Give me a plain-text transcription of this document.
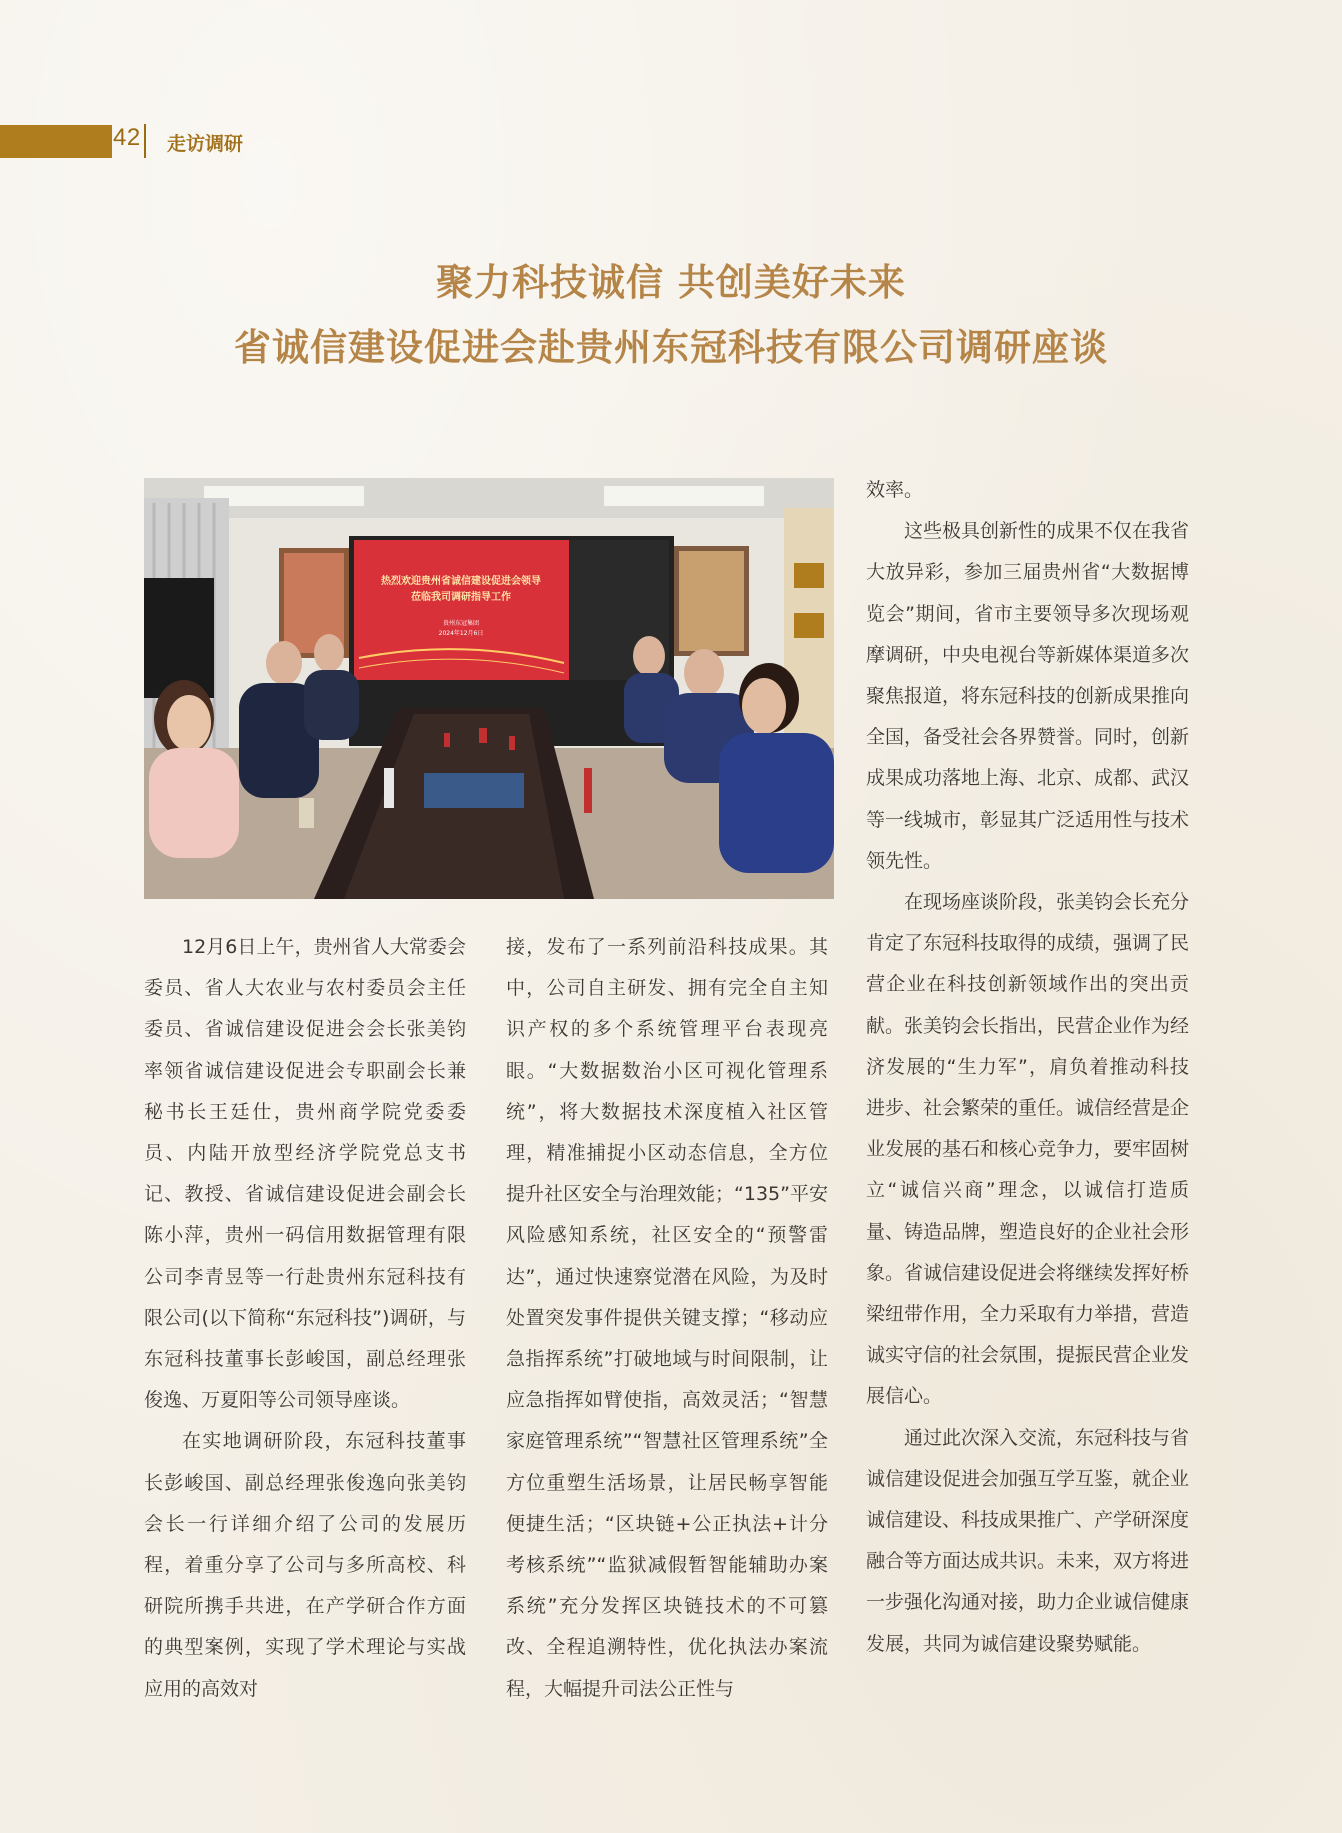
42 走访调研
聚力科技诚信 共创美好未来
省诚信建设促进会赴贵州东冠科技有限公司调研座谈
热烈欢迎贵州省诚信建设促进会领导
莅临我司调研指导工作
贵州东冠集团
2024年12月6日

12月6日上午，贵州省人大常委会委员、省人大农业与农村委员会主任委员、省诚信建设促进会会长张美钧率领省诚信建设促进会专职副会长兼秘书长王廷仕，贵州商学院党委委员、内陆开放型经济学院党总支书记、教授、省诚信建设促进会副会长陈小萍，贵州一码信用数据管理有限公司李青昱等一行赴贵州东冠科技有限公司(以下简称“东冠科技”)调研，与东冠科技董事长彭峻国，副总经理张俊逸、万夏阳等公司领导座谈。

在实地调研阶段，东冠科技董事长彭峻国、副总经理张俊逸向张美钧会长一行详细介绍了公司的发展历程，着重分享了公司与多所高校、科研院所携手共进，在产学研合作方面的典型案例，实现了学术理论与实战应用的高效对

接，发布了一系列前沿科技成果。其中，公司自主研发、拥有完全自主知识产权的多个系统管理平台表现亮眼。“大数据数治小区可视化管理系统”，将大数据技术深度植入社区管理，精准捕捉小区动态信息，全方位提升社区安全与治理效能；“135”平安风险感知系统，社区安全的“预警雷达”，通过快速察觉潜在风险，为及时处置突发事件提供关键支撑；“移动应急指挥系统”打破地域与时间限制，让应急指挥如臂使指，高效灵活；“智慧家庭管理系统”“智慧社区管理系统”全方位重塑生活场景，让居民畅享智能便捷生活；“区块链+公正执法+计分考核系统”“监狱减假暂智能辅助办案系统”充分发挥区块链技术的不可篡改、全程追溯特性，优化执法办案流程，大幅提升司法公正性与

效率。

这些极具创新性的成果不仅在我省大放异彩，参加三届贵州省“大数据博览会”期间，省市主要领导多次现场观摩调研，中央电视台等新媒体渠道多次聚焦报道，将东冠科技的创新成果推向全国，备受社会各界赞誉。同时，创新成果成功落地上海、北京、成都、武汉等一线城市，彰显其广泛适用性与技术领先性。

在现场座谈阶段，张美钧会长充分肯定了东冠科技取得的成绩，强调了民营企业在科技创新领域作出的突出贡献。张美钧会长指出，民营企业作为经济发展的“生力军”，肩负着推动科技进步、社会繁荣的重任。诚信经营是企业发展的基石和核心竞争力，要牢固树立“诚信兴商”理念，以诚信打造质量、铸造品牌，塑造良好的企业社会形象。省诚信建设促进会将继续发挥好桥梁纽带作用，全力采取有力举措，营造诚实守信的社会氛围，提振民营企业发展信心。

通过此次深入交流，东冠科技与省诚信建设促进会加强互学互鉴，就企业诚信建设、科技成果推广、产学研深度融合等方面达成共识。未来，双方将进一步强化沟通对接，助力企业诚信健康发展，共同为诚信建设聚势赋能。
